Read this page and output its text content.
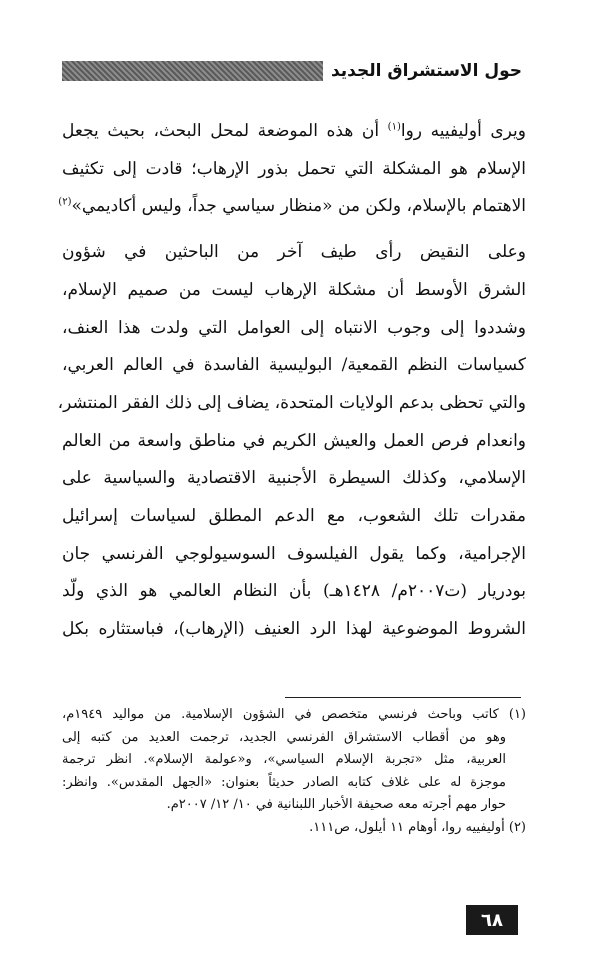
حول الاستشراق الجديد

ويرى أوليفييه روا$^{(١)}$ أن هذه الموضعة لمحل البحث، بحيث يجعل
الإسلام هو المشكلة التي تحمل بذور الإرهاب؛ قادت إلى تكثيف
الاهتمام بالإسلام، ولكن من «منظار سياسي جداً، وليس أكاديمي»$^{(٢)}$

وعلى النقيض رأى طيف آخر من الباحثين في شؤون
الشرق الأوسط أن مشكلة الإرهاب ليست من صميم الإسلام،
وشددوا إلى وجوب الانتباه إلى العوامل التي ولدت هذا العنف،
كسياسات النظم القمعية/ البوليسية الفاسدة في العالم العربي،
والتي تحظى بدعم الولايات المتحدة، يضاف إلى ذلك الفقر المنتشر،
وانعدام فرص العمل والعيش الكريم في مناطق واسعة من العالم
الإسلامي، وكذلك السيطرة الأجنبية الاقتصادية والسياسية على
مقدرات تلك الشعوب، مع الدعم المطلق لسياسات إسرائيل
الإجرامية، وكما يقول الفيلسوف السوسيولوجي الفرنسي جان
بودريار (ت٢٠٠٧م/ ١٤٢٨هـ) بأن النظام العالمي هو الذي ولّد
الشروط الموضوعية لهذا الرد العنيف (الإرهاب)، فباستثاره بكل

(١) كاتب وباحث فرنسي متخصص في الشؤون الإسلامية. من مواليد ١٩٤٩م،
وهو من أقطاب الاستشراق الفرنسي الجديد، ترجمت العديد من كتبه إلى
العربية، مثل «تجربة الإسلام السياسي»، و«عولمة الإسلام». انظر ترجمة
موجزة له على غلاف كتابه الصادر حديثاً بعنوان: «الجهل المقدس». وانظر:
حوار مهم أجرته معه صحيفة الأخبار اللبنانية في ١٠/ ١٢/ ٢٠٠٧م.
(٢) أوليفييه روا، أوهام ١١ أيلول، ص١١١.
٦٨
